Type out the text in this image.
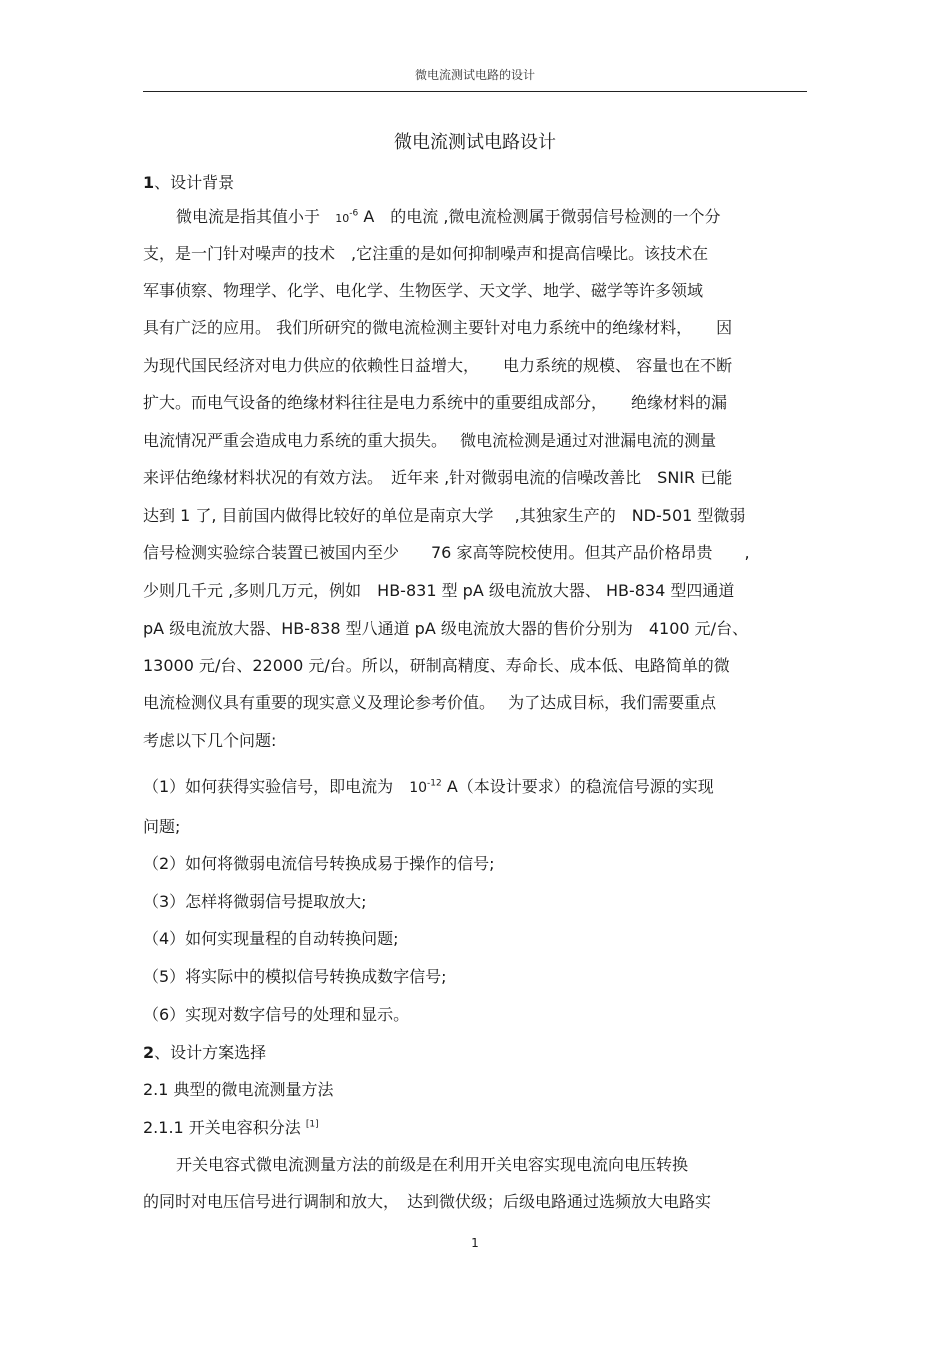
微电流测试电路的设计
微电流测试电路设计
1、设计背景
微电流是指其值小于 $10^{-6}$ A　的电流 ,微电流检测属于微弱信号检测的一个分
支，是一门针对噪声的技术　,它注重的是如何抑制噪声和提高信噪比。该技术在
军事侦察、物理学、化学、电化学、生物医学、天文学、地学、磁学等许多领域
具有广泛的应用。 我们所研究的微电流检测主要针对电力系统中的绝缘材料，　　因
为现代国民经济对电力供应的依赖性日益增大，　　电力系统的规模、 容量也在不断
扩大。而电气设备的绝缘材料往往是电力系统中的重要组成部分，　　绝缘材料的漏
电流情况严重会造成电力系统的重大损失。　 微电流检测是通过对泄漏电流的测量
来评估绝缘材料状况的有效方法。　近年来 ,针对微弱电流的信噪改善比　SNIR 已能
达到 1 了, 目前国内做得比较好的单位是南京大学　 ,其独家生产的　ND-501 型微弱
信号检测实验综合装置已被国内至少　　76 家高等院校使用。但其产品价格昂贵　　,
少则几千元 ,多则几万元，例如　HB-831 型 pA 级电流放大器、 HB-834 型四通道
pA 级电流放大器、HB-838 型八通道 pA 级电流放大器的售价分别为　4100 元/台、
13000 元/台、22000 元/台。所以，研制高精度、寿命长、成本低、电路简单的微
电流检测仪具有重要的现实意义及理论参考价值。　 为了达成目标，我们需要重点
考虑以下几个问题:
（1）如何获得实验信号，即电流为　$10^{-12}$ A（本设计要求）的稳流信号源的实现
问题;
（2）如何将微弱电流信号转换成易于操作的信号;
（3）怎样将微弱信号提取放大;
（4）如何实现量程的自动转换问题;
（5）将实际中的模拟信号转换成数字信号;
（6）实现对数字信号的处理和显示。
2、设计方案选择
2.1 典型的微电流测量方法
2.1.1 开关电容积分法 [1]
开关电容式微电流测量方法的前级是在利用开关电容实现电流向电压转换
的同时对电压信号进行调制和放大，　达到微伏级；后级电路通过选频放大电路实
1
